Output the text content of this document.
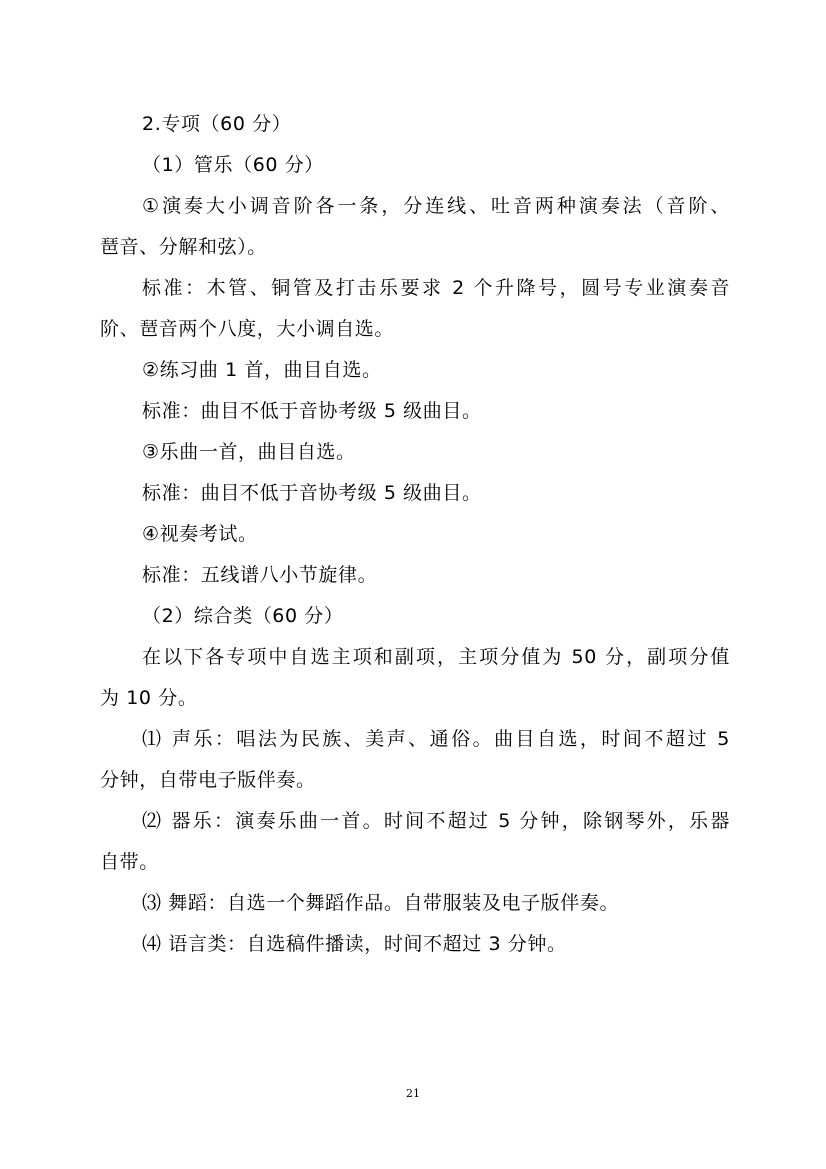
2.专项（60 分）
（1）管乐（60 分）
①演奏大小调音阶各一条，分连线、吐音两种演奏法（音阶、
琶音、分解和弦）。
标准：木管、铜管及打击乐要求 2 个升降号，圆号专业演奏音
阶、琶音两个八度，大小调自选。
②练习曲 1 首，曲目自选。
标准：曲目不低于音协考级 5 级曲目。
③乐曲一首，曲目自选。
标准：曲目不低于音协考级 5 级曲目。
④视奏考试。
标准：五线谱八小节旋律。
（2）综合类（60 分）
在以下各专项中自选主项和副项，主项分值为 50 分，副项分值
为 10 分。
⑴ 声乐：唱法为民族、美声、通俗。曲目自选，时间不超过 5
分钟，自带电子版伴奏。
⑵ 器乐：演奏乐曲一首。时间不超过 5 分钟，除钢琴外，乐器
自带。
⑶ 舞蹈：自选一个舞蹈作品。自带服装及电子版伴奏。
⑷ 语言类：自选稿件播读，时间不超过 3 分钟。
21
